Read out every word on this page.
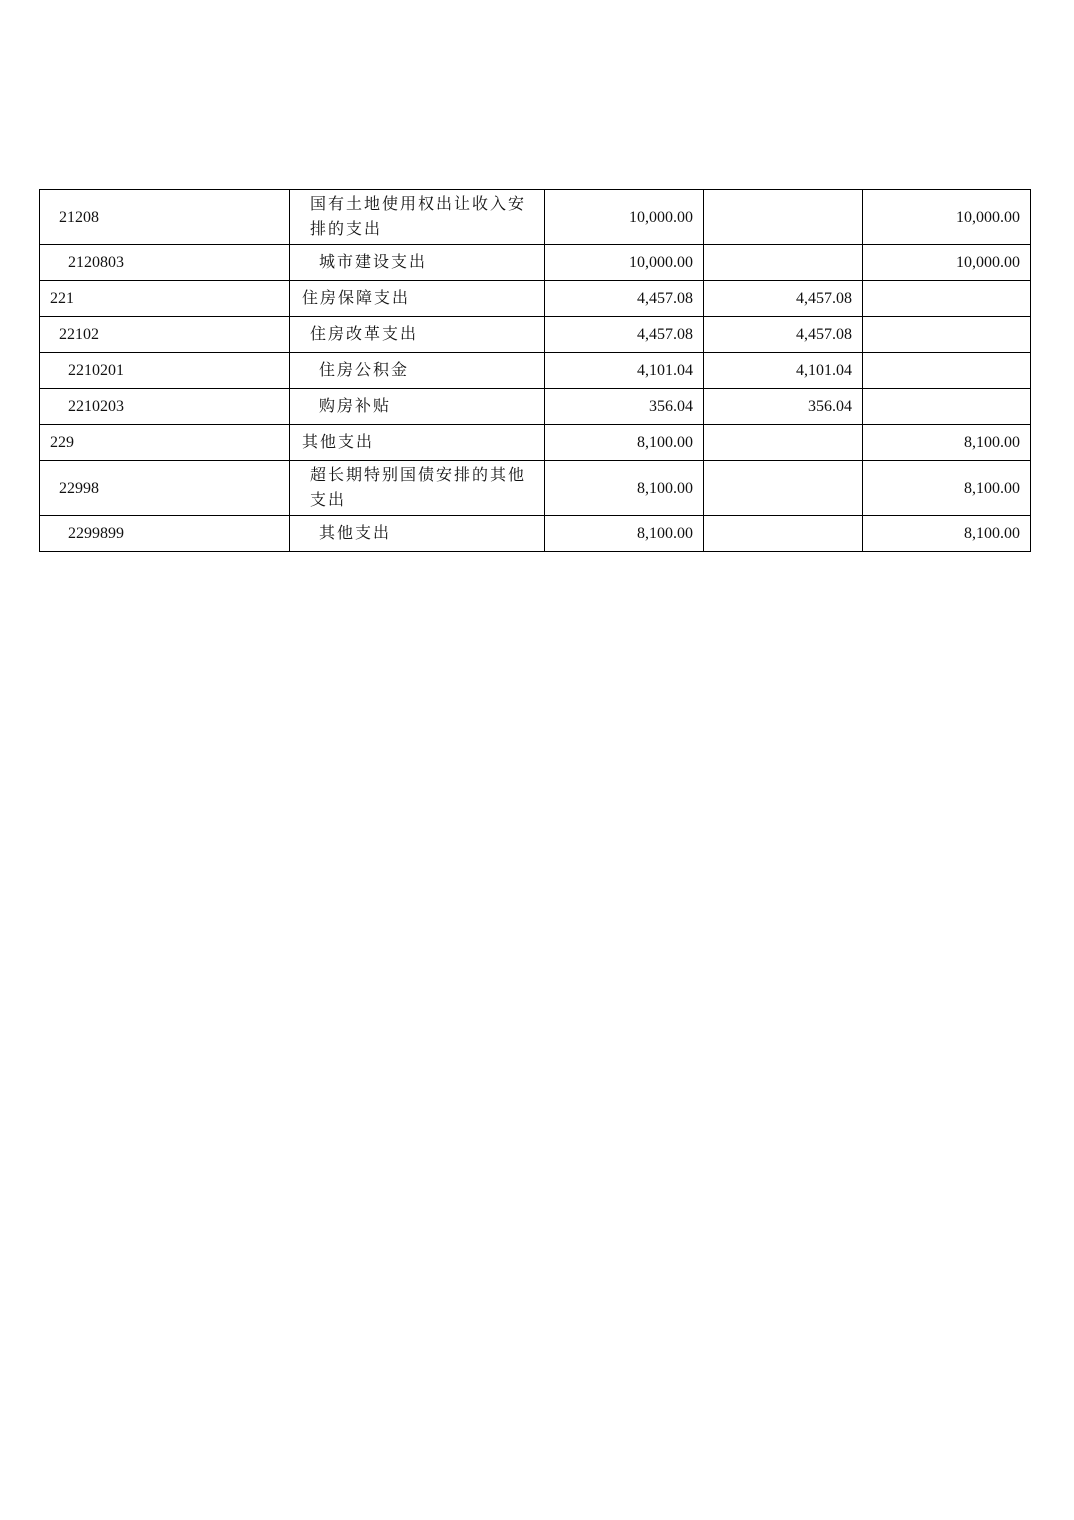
21208	国有土地使用权出让收入安排的支出	10,000.00		10,000.00
2120803	城市建设支出	10,000.00		10,000.00
221	住房保障支出	4,457.08	4,457.08	
22102	住房改革支出	4,457.08	4,457.08	
2210201	住房公积金	4,101.04	4,101.04	
2210203	购房补贴	356.04	356.04	
229	其他支出	8,100.00		8,100.00
22998	超长期特别国债安排的其他支出	8,100.00		8,100.00
2299899	其他支出	8,100.00		8,100.00
